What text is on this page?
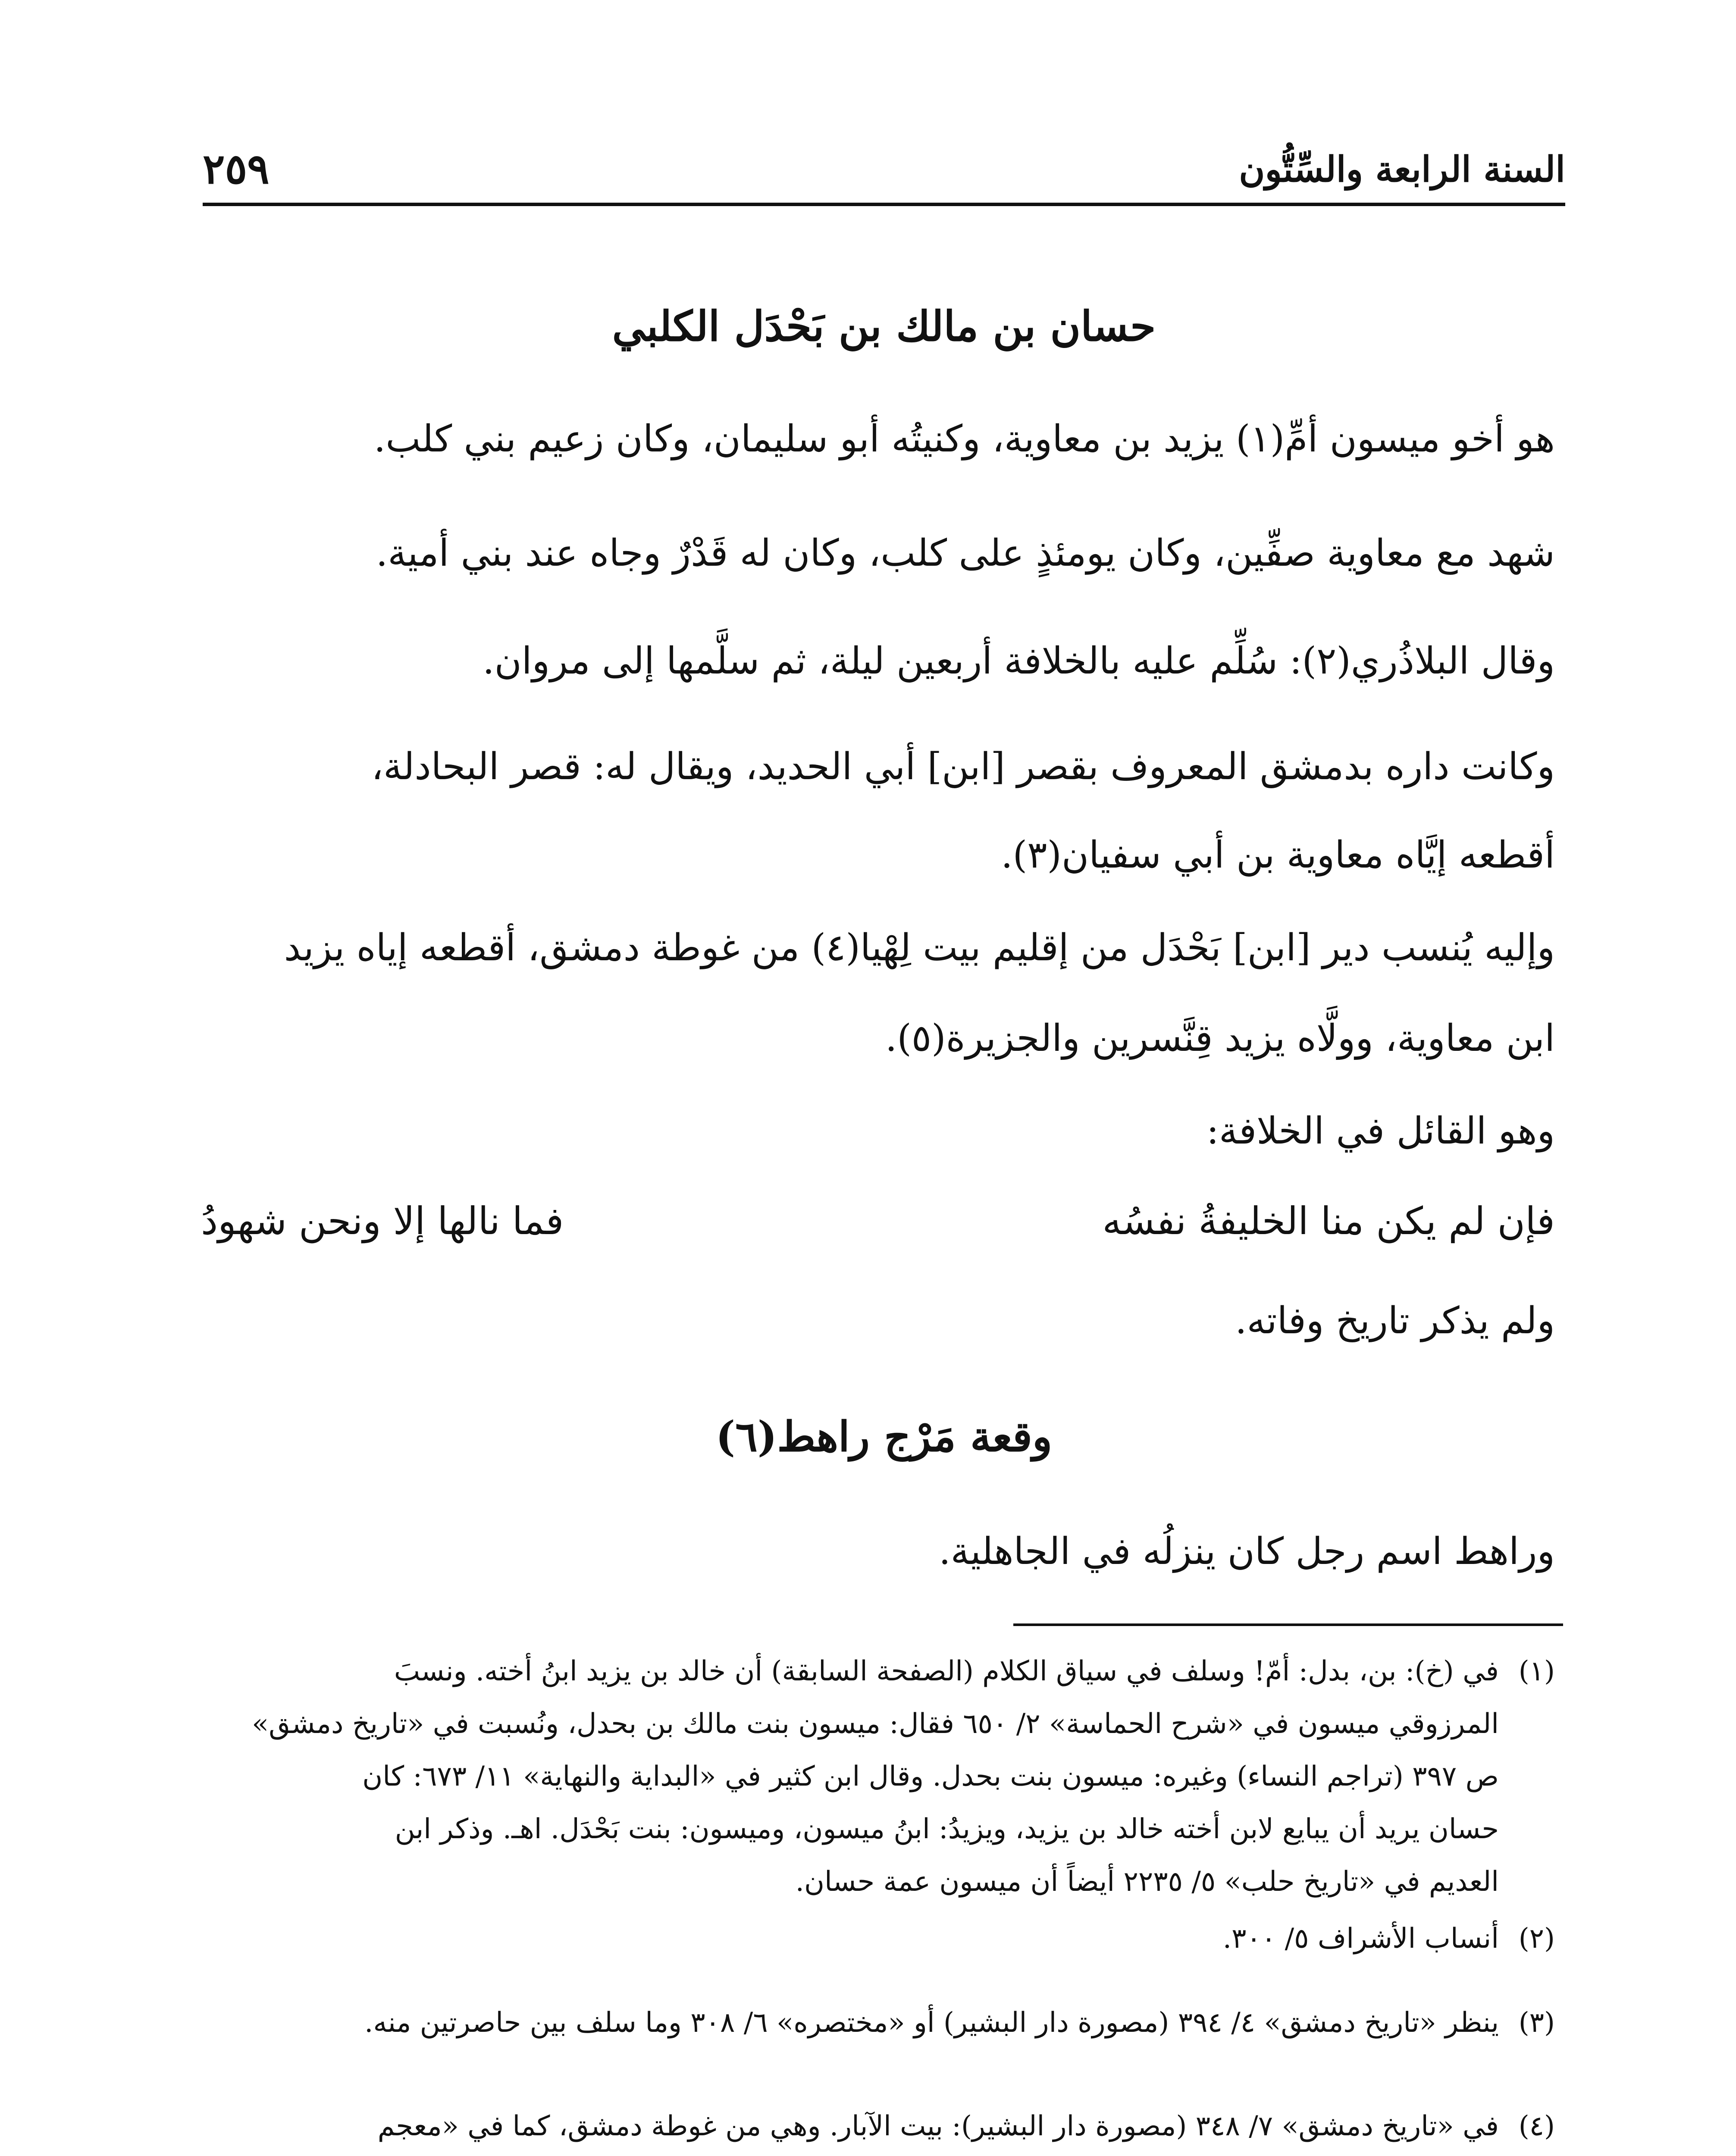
السنة الرابعة والسِّتُّون
٢٥٩
حسان بن مالك بن بَحْدَل الكلبي
هو أخو ميسون أمِّ(١) يزيد بن معاوية، وكنيتُه أبو سليمان، وكان زعيم بني كلب.
شهد مع معاوية صفِّين، وكان يومئذٍ على كلب، وكان له قَدْرٌ وجاه عند بني أمية.
وقال البلاذُري(٢): سُلِّم عليه بالخلافة أربعين ليلة، ثم سلَّمها إلى مروان.
وكانت داره بدمشق المعروف بقصر [ابن] أبي الحديد، ويقال له: قصر البحادلة،
أقطعه إيَّاه معاوية بن أبي سفيان(٣).
وإليه يُنسب دير [ابن] بَحْدَل من إقليم بيت لِهْيا(٤) من غوطة دمشق، أقطعه إياه يزيد
ابن معاوية، وولَّاه يزيد قِنَّسرين والجزيرة(٥).
وهو القائل في الخلافة:
فإن لم يكن منا الخليفةُ نفسُه
فما نالها إلا ونحن شهودُ
ولم يذكر تاريخ وفاته.
وقعة مَرْج راهط(٦)
وراهط اسم رجل كان ينزلُه في الجاهلية.
(١)في (خ): بن، بدل: أمّ! وسلف في سياق الكلام (الصفحة السابقة) أن خالد بن يزيد ابنُ أخته. ونسبَ
المرزوقي ميسون في «شرح الحماسة» ٢/ ٦٥٠ فقال: ميسون بنت مالك بن بحدل، ونُسبت في «تاريخ دمشق»
ص ٣٩٧ (تراجم النساء) وغيره: ميسون بنت بحدل. وقال ابن كثير في «البداية والنهاية» ١١/ ٦٧٣: كان
حسان يريد أن يبايع لابن أخته خالد بن يزيد، ويزيدُ: ابنُ ميسون، وميسون: بنت بَحْدَل. اهـ. وذكر ابن
العديم في «تاريخ حلب» ٥/ ٢٢٣٥ أيضاً أن ميسون عمة حسان.
(٢)أنساب الأشراف ٥/ ٣٠٠.
(٣)ينظر «تاريخ دمشق» ٤/ ٣٩٤ (مصورة دار البشير) أو «مختصره» ٦/ ٣٠٨ وما سلف بين حاصرتين منه.
(٤)في «تاريخ دمشق» ٧/ ٣٤٨ (مصورة دار البشير): بيت الآبار. وهي من غوطة دمشق، كما في «معجم
